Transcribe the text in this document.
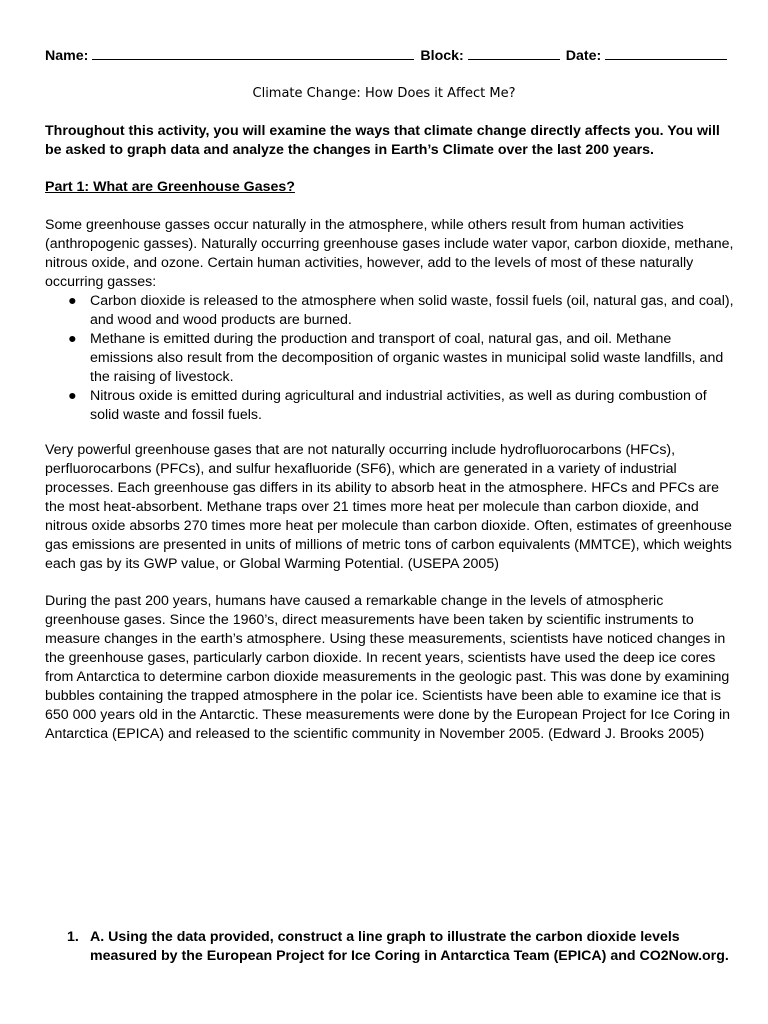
Name:	Block:	Date:
Climate Change: How Does it Affect Me?
Throughout this activity, you will examine the ways that climate change directly affects you. You will be asked to graph data and analyze the changes in Earth’s Climate over the last 200 years.
Part 1: What are Greenhouse Gases?
Some greenhouse gasses occur naturally in the atmosphere, while others result from human activities (anthropogenic gasses). Naturally occurring greenhouse gases include water vapor, carbon dioxide, methane, nitrous oxide, and ozone. Certain human activities, however, add to the levels of most of these naturally occurring gasses:
● Carbon dioxide is released to the atmosphere when solid waste, fossil fuels (oil, natural gas, and coal), and wood and wood products are burned.
● Methane is emitted during the production and transport of coal, natural gas, and oil. Methane emissions also result from the decomposition of organic wastes in municipal solid waste landfills, and the raising of livestock.
● Nitrous oxide is emitted during agricultural and industrial activities, as well as during combustion of solid waste and fossil fuels.
Very powerful greenhouse gases that are not naturally occurring include hydrofluorocarbons (HFCs), perfluorocarbons (PFCs), and sulfur hexafluoride (SF6), which are generated in a variety of industrial processes. Each greenhouse gas differs in its ability to absorb heat in the atmosphere. HFCs and PFCs are the most heat-absorbent. Methane traps over 21 times more heat per molecule than carbon dioxide, and nitrous oxide absorbs 270 times more heat per molecule than carbon dioxide. Often, estimates of greenhouse gas emissions are presented in units of millions of metric tons of carbon equivalents (MMTCE), which weights each gas by its GWP value, or Global Warming Potential. (USEPA 2005)
During the past 200 years, humans have caused a remarkable change in the levels of atmospheric greenhouse gases. Since the 1960’s, direct measurements have been taken by scientific instruments to measure changes in the earth’s atmosphere. Using these measurements, scientists have noticed changes in the greenhouse gases, particularly carbon dioxide. In recent years, scientists have used the deep ice cores from Antarctica to determine carbon dioxide measurements in the geologic past. This was done by examining bubbles containing the trapped atmosphere in the polar ice. Scientists have been able to examine ice that is 650 000 years old in the Antarctic. These measurements were done by the European Project for Ice Coring in Antarctica (EPICA) and released to the scientific community in November 2005. (Edward J. Brooks 2005)
1. A. Using the data provided, construct a line graph to illustrate the carbon dioxide levels measured by the European Project for Ice Coring in Antarctica Team (EPICA) and CO2Now.org.
